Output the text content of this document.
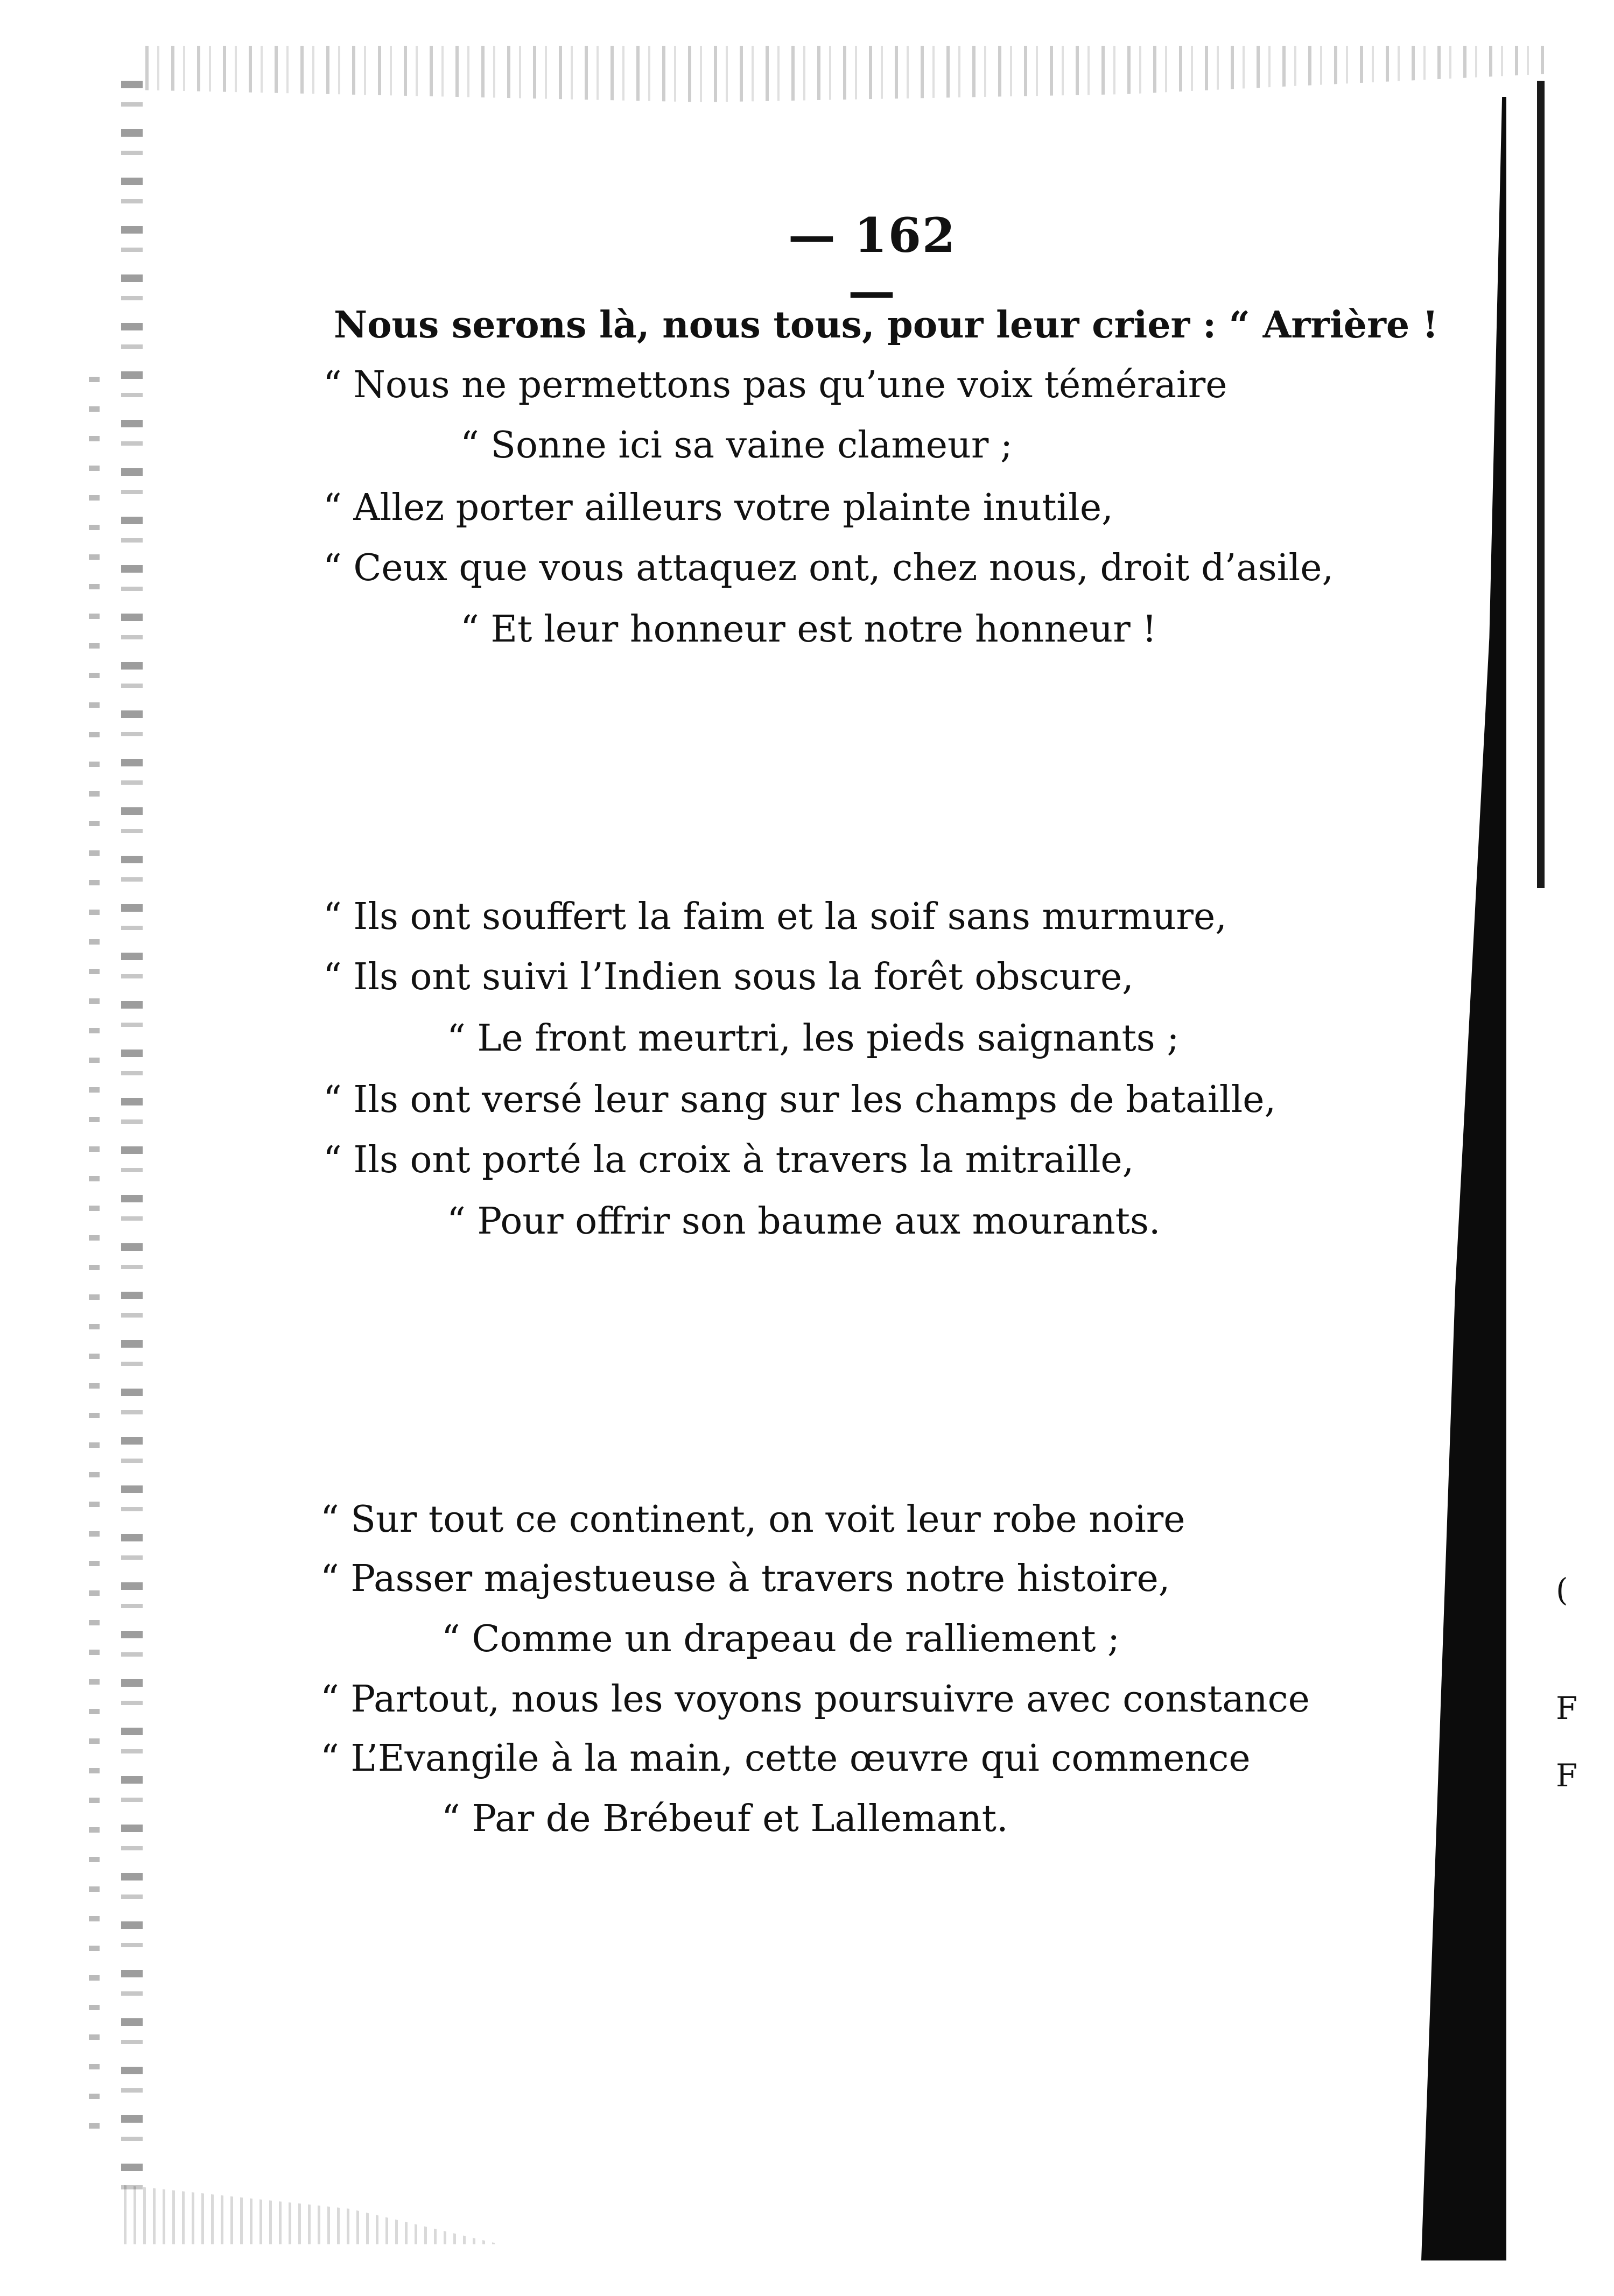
(
F
F
— 162 —
Nous serons là, nous tous, pour leur crier : “ Arrière !
“ Nous ne permettons pas qu’une voix téméraire
“ Sonne ici sa vaine clameur ;
“ Allez porter ailleurs votre plainte inutile,
“ Ceux que vous attaquez ont, chez nous, droit d’asile,
“ Et leur honneur est notre honneur !
“ Ils ont souffert la faim et la soif sans murmure,
“ Ils ont suivi l’Indien sous la forêt obscure,
“ Le front meurtri, les pieds saignants ;
“ Ils ont versé leur sang sur les champs de bataille,
“ Ils ont porté la croix à travers la mitraille,
“ Pour offrir son baume aux mourants.
“ Sur tout ce continent, on voit leur robe noire
“ Passer majestueuse à travers notre histoire,
“ Comme un drapeau de ralliement ;
“ Partout, nous les voyons poursuivre avec constance
“ L’Evangile à la main, cette œuvre qui commence
“ Par de Brébeuf et Lallemant.
